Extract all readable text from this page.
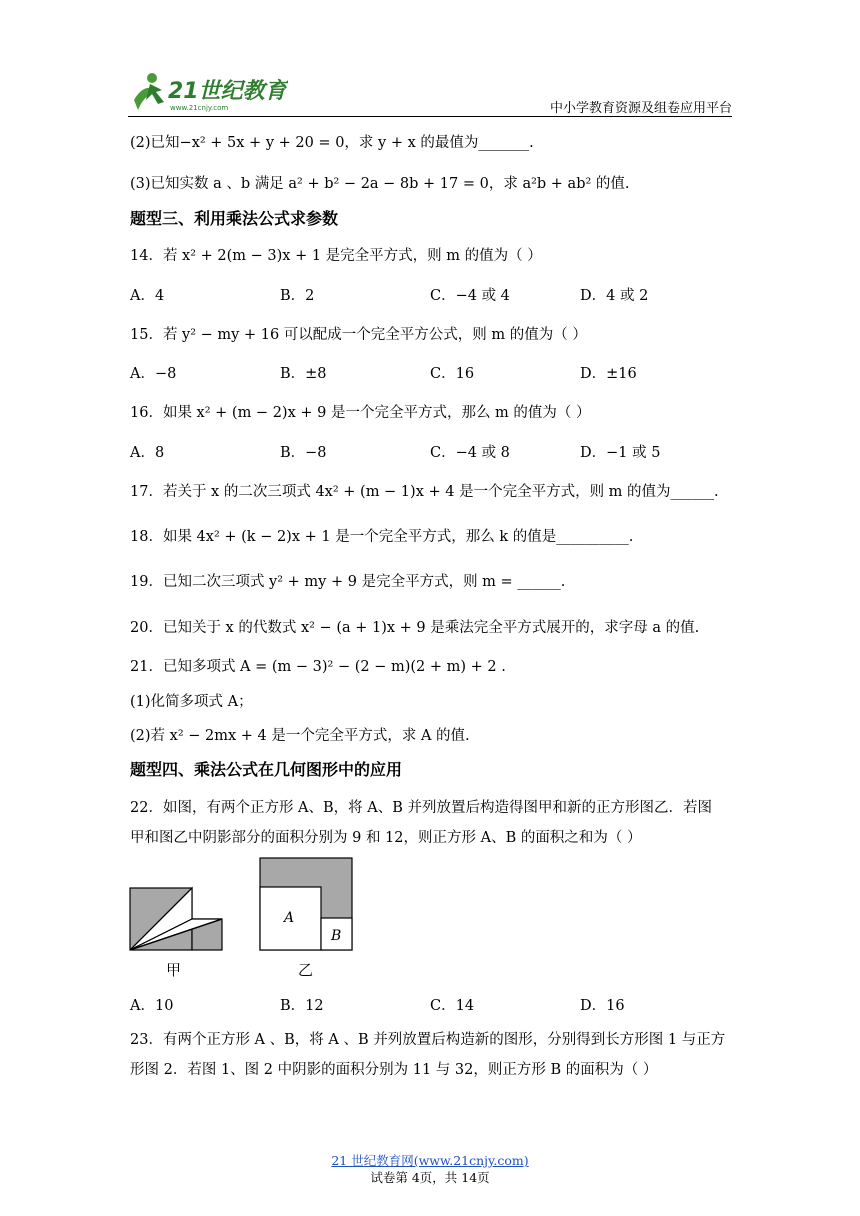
21世纪教育
www.21cnjy.com	中小学教育资源及组卷应用平台
(2)已知−x² + 5x + y + 20 = 0，求 y + x 的最值为_______.
(3)已知实数 a 、b 满足 a² + b² − 2a − 8b + 17 = 0，求 a²b + ab² 的值.
题型三、利用乘法公式求参数
14．若 x² + 2(m − 3)x + 1 是完全平方式，则 m 的值为（ ）
A．4	B．2	C．−4 或 4	D．4 或 2
15．若 y² − my + 16 可以配成一个完全平方公式，则 m 的值为（ ）
A．−8	B．±8	C．16	D．±16
16．如果 x² + (m − 2)x + 9 是一个完全平方式，那么 m 的值为（ ）
A．8	B．−8	C．−4 或 8	D．−1 或 5
17．若关于 x 的二次三项式 4x² + (m − 1)x + 4 是一个完全平方式，则 m 的值为______.
18．如果 4x² + (k − 2)x + 1 是一个完全平方式，那么 k 的值是__________.
19．已知二次三项式 y² + my + 9 是完全平方式，则 m = ______.
20．已知关于 x 的代数式 x² − (a + 1)x + 9 是乘法完全平方式展开的，求字母 a 的值.
21．已知多项式 A = (m − 3)² − (2 − m)(2 + m) + 2 .
(1)化简多项式 A；
(2)若 x² − 2mx + 4 是一个完全平方式，求 A 的值.
题型四、乘法公式在几何图形中的应用
22．如图，有两个正方形 A、B，将 A、B 并列放置后构造得图甲和新的正方形图乙．若图
甲和图乙中阴影部分的面积分别为 9 和 12，则正方形 A、B 的面积之和为（ ）
甲
A
B
乙
A．10	B．12	C．14	D．16
23．有两个正方形 A 、B，将 A 、B 并列放置后构造新的图形，分别得到长方形图 1 与正方
形图 2．若图 1、图 2 中阴影的面积分别为 11 与 32，则正方形 B 的面积为（ ）
21 世纪教育网(www.21cnjy.com)
试卷第 4页，共 14页
